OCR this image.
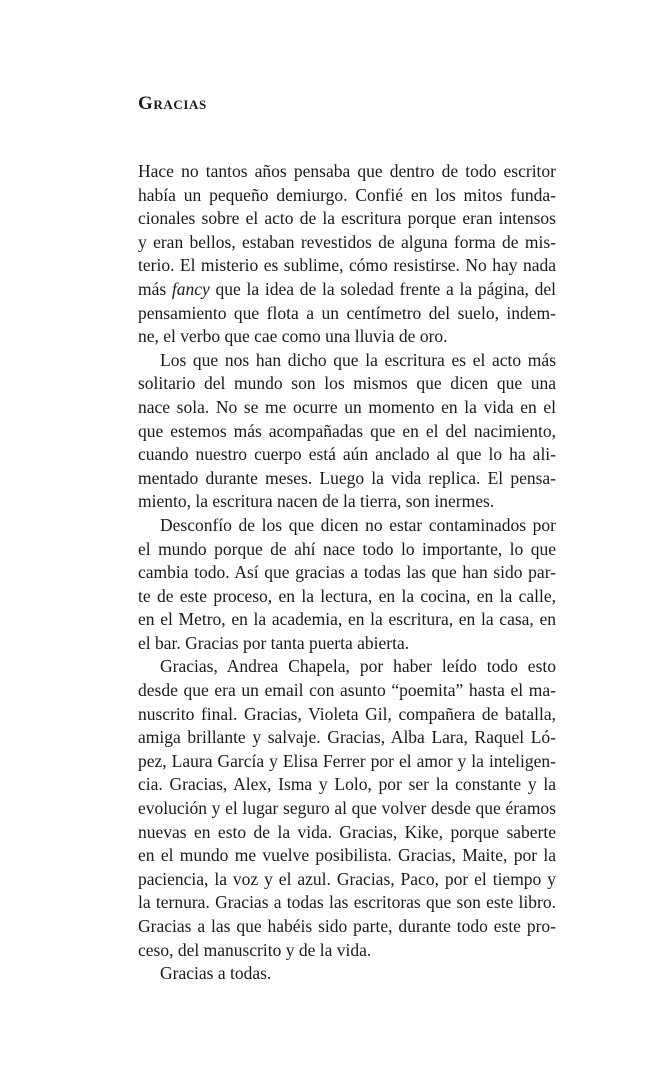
Gracias
Hace no tantos años pensaba que dentro de todo escritor
había un pequeño demiurgo. Confié en los mitos funda-
cionales sobre el acto de la escritura porque eran intensos
y eran bellos, estaban revestidos de alguna forma de mis-
terio. El misterio es sublime, cómo resistirse. No hay nada
más fancy que la idea de la soledad frente a la página, del
pensamiento que flota a un centímetro del suelo, indem-
ne, el verbo que cae como una lluvia de oro.
Los que nos han dicho que la escritura es el acto más
solitario del mundo son los mismos que dicen que una
nace sola. No se me ocurre un momento en la vida en el
que estemos más acompañadas que en el del nacimiento,
cuando nuestro cuerpo está aún anclado al que lo ha ali-
mentado durante meses. Luego la vida replica. El pensa-
miento, la escritura nacen de la tierra, son inermes.
Desconfío de los que dicen no estar contaminados por
el mundo porque de ahí nace todo lo importante, lo que
cambia todo. Así que gracias a todas las que han sido par-
te de este proceso, en la lectura, en la cocina, en la calle,
en el Metro, en la academia, en la escritura, en la casa, en
el bar. Gracias por tanta puerta abierta.
Gracias, Andrea Chapela, por haber leído todo esto
desde que era un email con asunto “poemita” hasta el ma-
nuscrito final. Gracias, Violeta Gil, compañera de batalla,
amiga brillante y salvaje. Gracias, Alba Lara, Raquel Ló-
pez, Laura García y Elisa Ferrer por el amor y la inteligen-
cia. Gracias, Alex, Isma y Lolo, por ser la constante y la
evolución y el lugar seguro al que volver desde que éramos
nuevas en esto de la vida. Gracias, Kike, porque saberte
en el mundo me vuelve posibilista. Gracias, Maite, por la
paciencia, la voz y el azul. Gracias, Paco, por el tiempo y
la ternura. Gracias a todas las escritoras que son este libro.
Gracias a las que habéis sido parte, durante todo este pro-
ceso, del manuscrito y de la vida.
Gracias a todas.
